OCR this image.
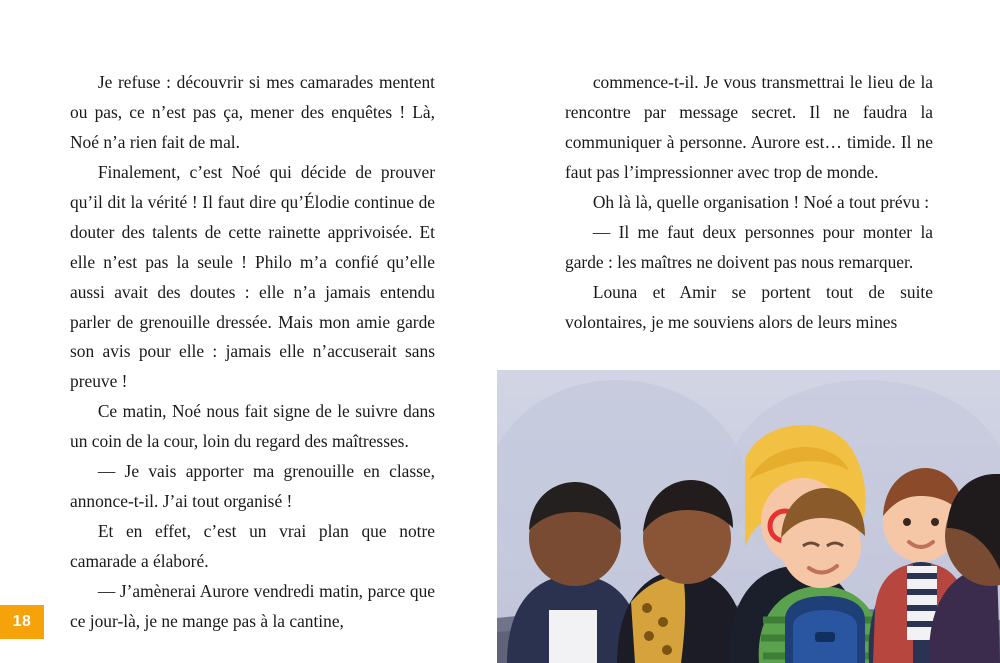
Je refuse : découvrir si mes camarades mentent ou pas, ce n’est pas ça, mener des enquêtes ! Là, Noé n’a rien fait de mal.

Finalement, c’est Noé qui décide de prouver qu’il dit la vérité ! Il faut dire qu’Élodie continue de douter des talents de cette rainette apprivoisée. Et elle n’est pas la seule ! Philo m’a confié qu’elle aussi avait des doutes : elle n’a jamais entendu parler de grenouille dressée. Mais mon amie garde son avis pour elle : jamais elle n’accuserait sans preuve !

Ce matin, Noé nous fait signe de le suivre dans un coin de la cour, loin du regard des maîtresses.

— Je vais apporter ma grenouille en classe, annonce-t-il. J’ai tout organisé !

Et en effet, c’est un vrai plan que notre camarade a élaboré.

— J’amènerai Aurore vendredi matin, parce que ce jour-là, je ne mange pas à la cantine,

commence-t-il. Je vous transmettrai le lieu de la rencontre par message secret. Il ne faudra la communiquer à personne. Aurore est… timide. Il ne faut pas l’impressionner avec trop de monde.

Oh là là, quelle organisation ! Noé a tout prévu :

— Il me faut deux personnes pour monter la garde : les maîtres ne doivent pas nous remarquer.

Louna et Amir se portent tout de suite volontaires, je me souviens alors de leurs mines

18
